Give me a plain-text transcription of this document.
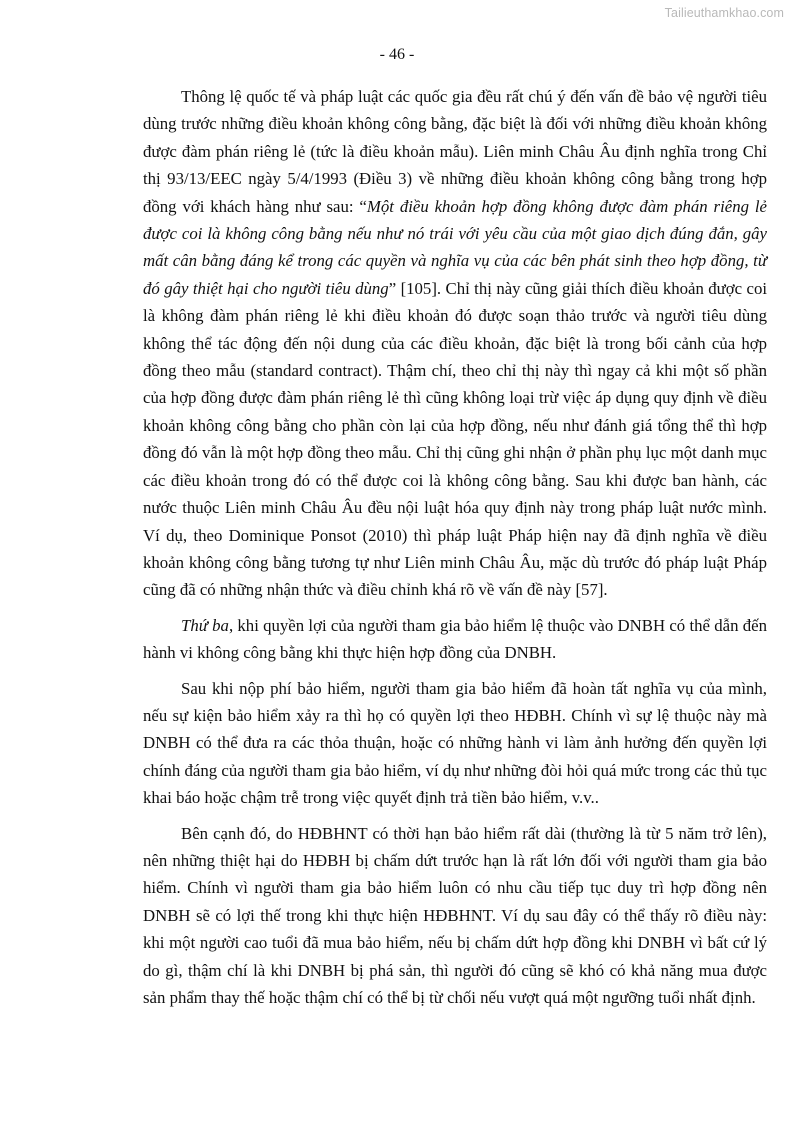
Tailieuthamkhao.com
- 46 -

Thông lệ quốc tế và pháp luật các quốc gia đều rất chú ý đến vấn đề bảo vệ người tiêu dùng trước những điều khoản không công bằng, đặc biệt là đối với những điều khoản không được đàm phán riêng lẻ (tức là điều khoản mẫu). Liên minh Châu Âu định nghĩa trong Chỉ thị 93/13/EEC ngày 5/4/1993 (Điều 3) về những điều khoản không công bằng trong hợp đồng với khách hàng như sau: “Một điều khoản hợp đồng không được đàm phán riêng lẻ được coi là không công bằng nếu như nó trái với yêu cầu của một giao dịch đúng đắn, gây mất cân bằng đáng kể trong các quyền và nghĩa vụ của các bên phát sinh theo hợp đồng, từ đó gây thiệt hại cho người tiêu dùng” [105]. Chỉ thị này cũng giải thích điều khoản được coi là không đàm phán riêng lẻ khi điều khoản đó được soạn thảo trước và người tiêu dùng không thể tác động đến nội dung của các điều khoản, đặc biệt là trong bối cảnh của hợp đồng theo mẫu (standard contract). Thậm chí, theo chỉ thị này thì ngay cả khi một số phần của hợp đồng được đàm phán riêng lẻ thì cũng không loại trừ việc áp dụng quy định về điều khoản không công bằng cho phần còn lại của hợp đồng, nếu như đánh giá tổng thể thì hợp đồng đó vẫn là một hợp đồng theo mẫu. Chỉ thị cũng ghi nhận ở phần phụ lục một danh mục các điều khoản trong đó có thể được coi là không công bằng. Sau khi được ban hành, các nước thuộc Liên minh Châu Âu đều nội luật hóa quy định này trong pháp luật nước mình. Ví dụ, theo Dominique Ponsot (2010) thì pháp luật Pháp hiện nay đã định nghĩa về điều khoản không công bằng tương tự như Liên minh Châu Âu, mặc dù trước đó pháp luật Pháp cũng đã có những nhận thức và điều chỉnh khá rõ về vấn đề này [57].

Thứ ba, khi quyền lợi của người tham gia bảo hiểm lệ thuộc vào DNBH có thể dẫn đến hành vi không công bằng khi thực hiện hợp đồng của DNBH.

Sau khi nộp phí bảo hiểm, người tham gia bảo hiểm đã hoàn tất nghĩa vụ của mình, nếu sự kiện bảo hiểm xảy ra thì họ có quyền lợi theo HĐBH. Chính vì sự lệ thuộc này mà DNBH có thể đưa ra các thỏa thuận, hoặc có những hành vi làm ảnh hưởng đến quyền lợi chính đáng của người tham gia bảo hiểm, ví dụ như những đòi hỏi quá mức trong các thủ tục khai báo hoặc chậm trễ trong việc quyết định trả tiền bảo hiểm, v.v..

Bên cạnh đó, do HĐBHNT có thời hạn bảo hiểm rất dài (thường là từ 5 năm trở lên), nên những thiệt hại do HĐBH bị chấm dứt trước hạn là rất lớn đối với người tham gia bảo hiểm. Chính vì người tham gia bảo hiểm luôn có nhu cầu tiếp tục duy trì hợp đồng nên DNBH sẽ có lợi thế trong khi thực hiện HĐBHNT. Ví dụ sau đây có thể thấy rõ điều này: khi một người cao tuổi đã mua bảo hiểm, nếu bị chấm dứt hợp đồng khi DNBH vì bất cứ lý do gì, thậm chí là khi DNBH bị phá sản, thì người đó cũng sẽ khó có khả năng mua được sản phẩm thay thế hoặc thậm chí có thể bị từ chối nếu vượt quá một ngưỡng tuổi nhất định.
